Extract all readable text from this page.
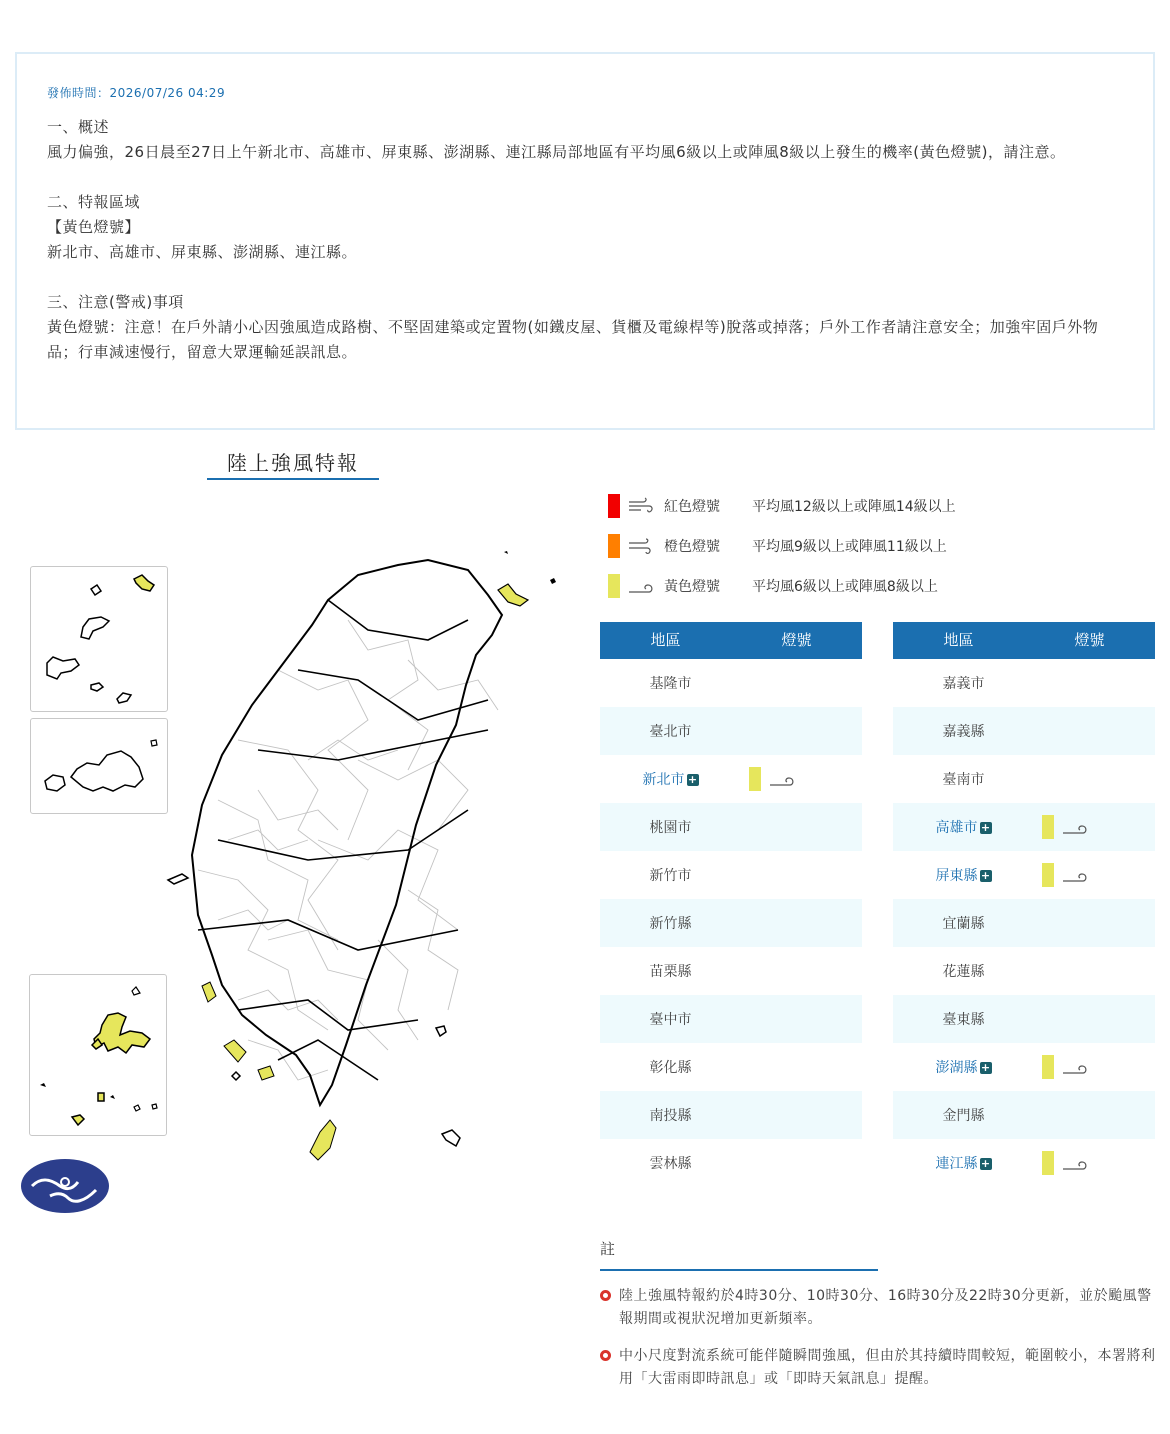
發佈時間：2026/07/26 04:29
一、概述
風力偏強，26日晨至27日上午新北市、高雄市、屏東縣、澎湖縣、連江縣局部地區有平均風6級以上或陣風8級以上發生的機率(黃色燈號)，請注意。
二、特報區域
【黃色燈號】
新北市、高雄市、屏東縣、澎湖縣、連江縣。
三、注意(警戒)事項
黃色燈號：注意！在戶外請小心因強風造成路樹、不堅固建築或定置物(如鐵皮屋、貨櫃及電線桿等)脫落或掉落；戶外工作者請注意安全；加強牢固戶外物品；行車減速慢行，留意大眾運輸延誤訊息。
陸上強風特報
紅色燈號	平均風12級以上或陣風14級以上
橙色燈號	平均風9級以上或陣風11級以上
黃色燈號	平均風6級以上或陣風8級以上
地區	燈號
基隆市
臺北市
新北市 +
桃園市
新竹市
新竹縣
苗栗縣
臺中市
彰化縣
南投縣
雲林縣
地區	燈號
嘉義市
嘉義縣
臺南市
高雄市 +
屏東縣 +
宜蘭縣
花蓮縣
臺東縣
澎湖縣 +
金門縣
連江縣 +
註
陸上強風特報約於4時30分、10時30分、16時30分及22時30分更新，並於颱風警報期間或視狀況增加更新頻率。
中小尺度對流系統可能伴隨瞬間強風，但由於其持續時間較短，範圍較小，本署將利用「大雷雨即時訊息」或「即時天氣訊息」提醒。
